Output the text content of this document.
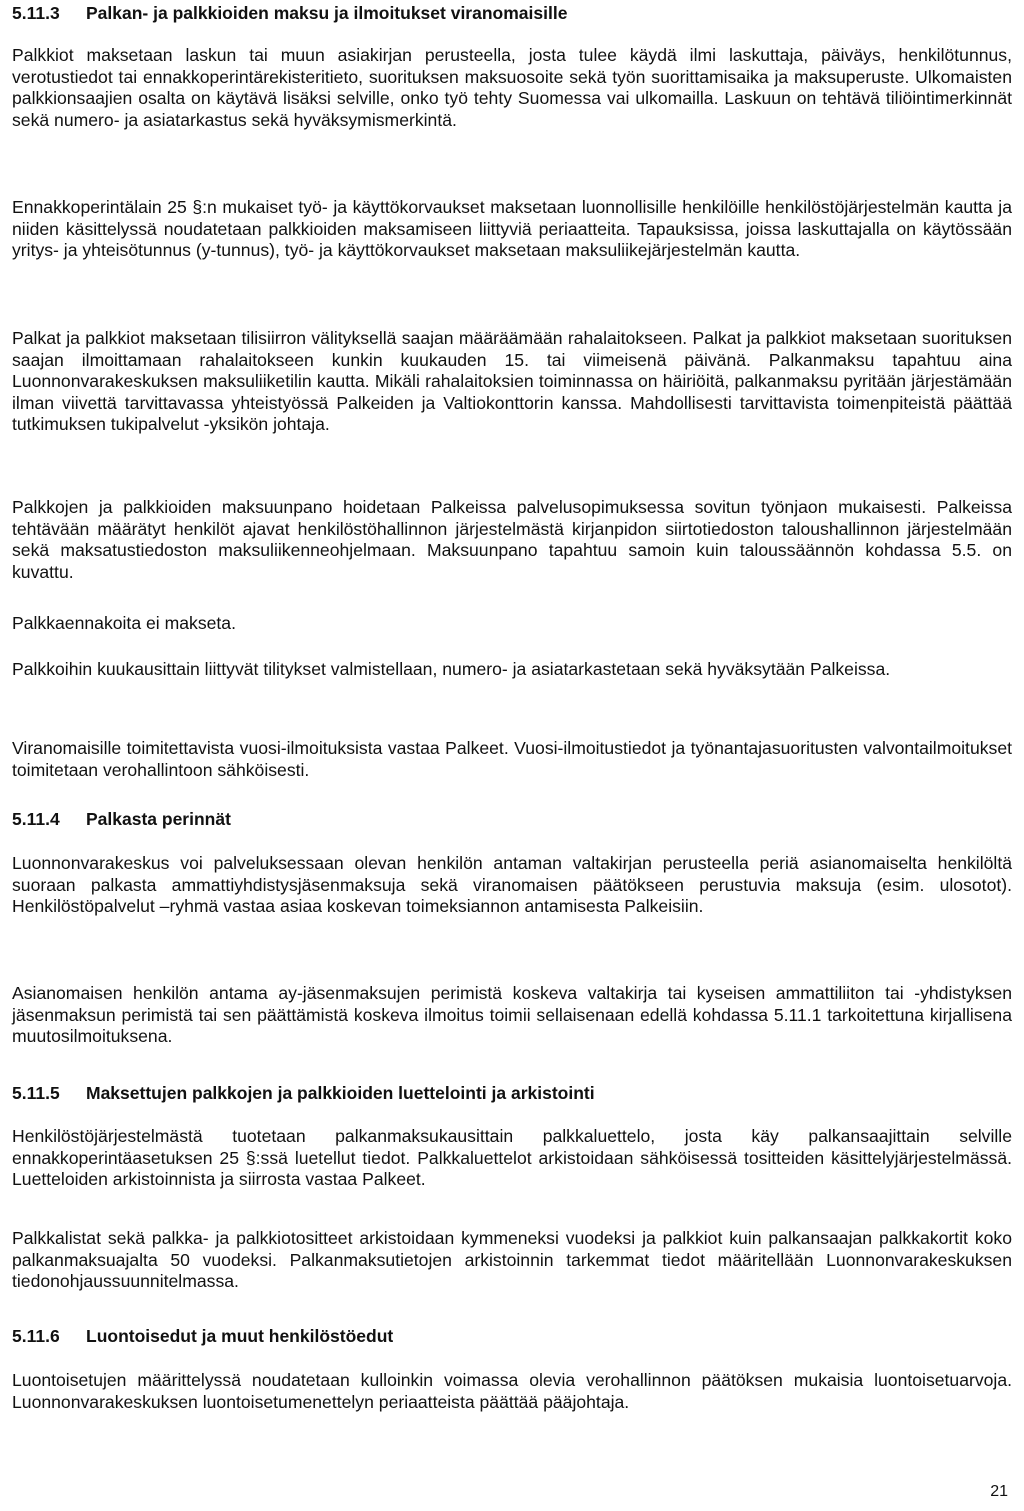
5.11.3	Palkan- ja palkkioiden maksu ja ilmoitukset viranomaisille

Palkkiot maksetaan laskun tai muun asiakirjan perusteella, josta tulee käydä ilmi laskuttaja, päiväys, henkilötunnus, verotustiedot tai ennakkoperintärekisteritieto, suorituksen maksuosoite sekä työn suorittamisaika ja maksuperuste. Ulkomaisten palkkionsaajien osalta on käytävä lisäksi selville, onko työ tehty Suomessa vai ulkomailla. Laskuun on tehtävä tiliöintimerkinnät sekä numero- ja asiatarkastus sekä hyväksymismerkintä.

Ennakkoperintälain 25 §:n mukaiset työ- ja käyttökorvaukset maksetaan luonnollisille henkilöille henkilöstöjärjestelmän kautta ja niiden käsittelyssä noudatetaan palkkioiden maksamiseen liittyviä periaatteita. Tapauksissa, joissa laskuttajalla on käytössään yritys- ja yhteisötunnus (y-tunnus), työ- ja käyttökorvaukset maksetaan maksuliikejärjestelmän kautta.

Palkat ja palkkiot maksetaan tilisiirron välityksellä saajan määräämään rahalaitokseen. Palkat ja palkkiot maksetaan suorituksen saajan ilmoittamaan rahalaitokseen kunkin kuukauden 15. tai viimeisenä päivänä. Palkanmaksu tapahtuu aina Luonnonvarakeskuksen maksuliiketilin kautta. Mikäli rahalaitoksien toiminnassa on häiriöitä, palkanmaksu pyritään järjestämään ilman viivettä tarvittavassa yhteistyössä Palkeiden ja Valtiokonttorin kanssa. Mahdollisesti tarvittavista toimenpiteistä päättää tutkimuksen tukipalvelut -yksikön johtaja.

Palkkojen ja palkkioiden maksuunpano hoidetaan Palkeissa palvelusopimuksessa sovitun työnjaon mukaisesti. Palkeissa tehtävään määrätyt henkilöt ajavat henkilöstöhallinnon järjestelmästä kirjanpidon siirtotiedoston taloushallinnon järjestelmään sekä maksatustiedoston maksuliikenneohjelmaan. Maksuunpano tapahtuu samoin kuin taloussäännön kohdassa 5.5. on kuvattu.

Palkkaennakoita ei makseta.

Palkkoihin kuukausittain liittyvät tilitykset valmistellaan, numero- ja asiatarkastetaan sekä hyväksytään Palkeissa.

Viranomaisille toimitettavista vuosi-ilmoituksista vastaa Palkeet. Vuosi-ilmoitustiedot ja työnantajasuoritusten valvontailmoitukset toimitetaan verohallintoon sähköisesti.

5.11.4	Palkasta perinnät

Luonnonvarakeskus voi palveluksessaan olevan henkilön antaman valtakirjan perusteella periä asianomaiselta henkilöltä suoraan palkasta ammattiyhdistysjäsenmaksuja sekä viranomaisen päätökseen perustuvia maksuja (esim. ulosotot). Henkilöstöpalvelut –ryhmä vastaa asiaa koskevan toimeksiannon antamisesta Palkeisiin.

Asianomaisen henkilön antama ay-jäsenmaksujen perimistä koskeva valtakirja tai kyseisen ammattiliiton tai -yhdistyksen jäsenmaksun perimistä tai sen päättämistä koskeva ilmoitus toimii sellaisenaan edellä kohdassa 5.11.1 tarkoitettuna kirjallisena muutosilmoituksena.

5.11.5	Maksettujen palkkojen ja palkkioiden luettelointi ja arkistointi

Henkilöstöjärjestelmästä tuotetaan palkanmaksukausittain palkkaluettelo, josta käy palkansaajittain selville ennakkoperintäasetuksen 25 §:ssä luetellut tiedot. Palkkaluettelot arkistoidaan sähköisessä tositteiden käsittelyjärjestelmässä. Luetteloiden arkistoinnista ja siirrosta vastaa Palkeet.

Palkkalistat sekä palkka- ja palkkiotositteet arkistoidaan kymmeneksi vuodeksi ja palkkiot kuin palkansaajan palkkakortit koko palkanmaksuajalta 50 vuodeksi. Palkanmaksutietojen arkistoinnin tarkemmat tiedot määritellään Luonnonvarakeskuksen tiedonohjaussuunnitelmassa.

5.11.6	Luontoisedut ja muut henkilöstöedut

Luontoisetujen määrittelyssä noudatetaan kulloinkin voimassa olevia verohallinnon päätöksen mukaisia luontoisetuarvoja. Luonnonvarakeskuksen luontoisetumenettelyn periaatteista päättää pääjohtaja.

21
